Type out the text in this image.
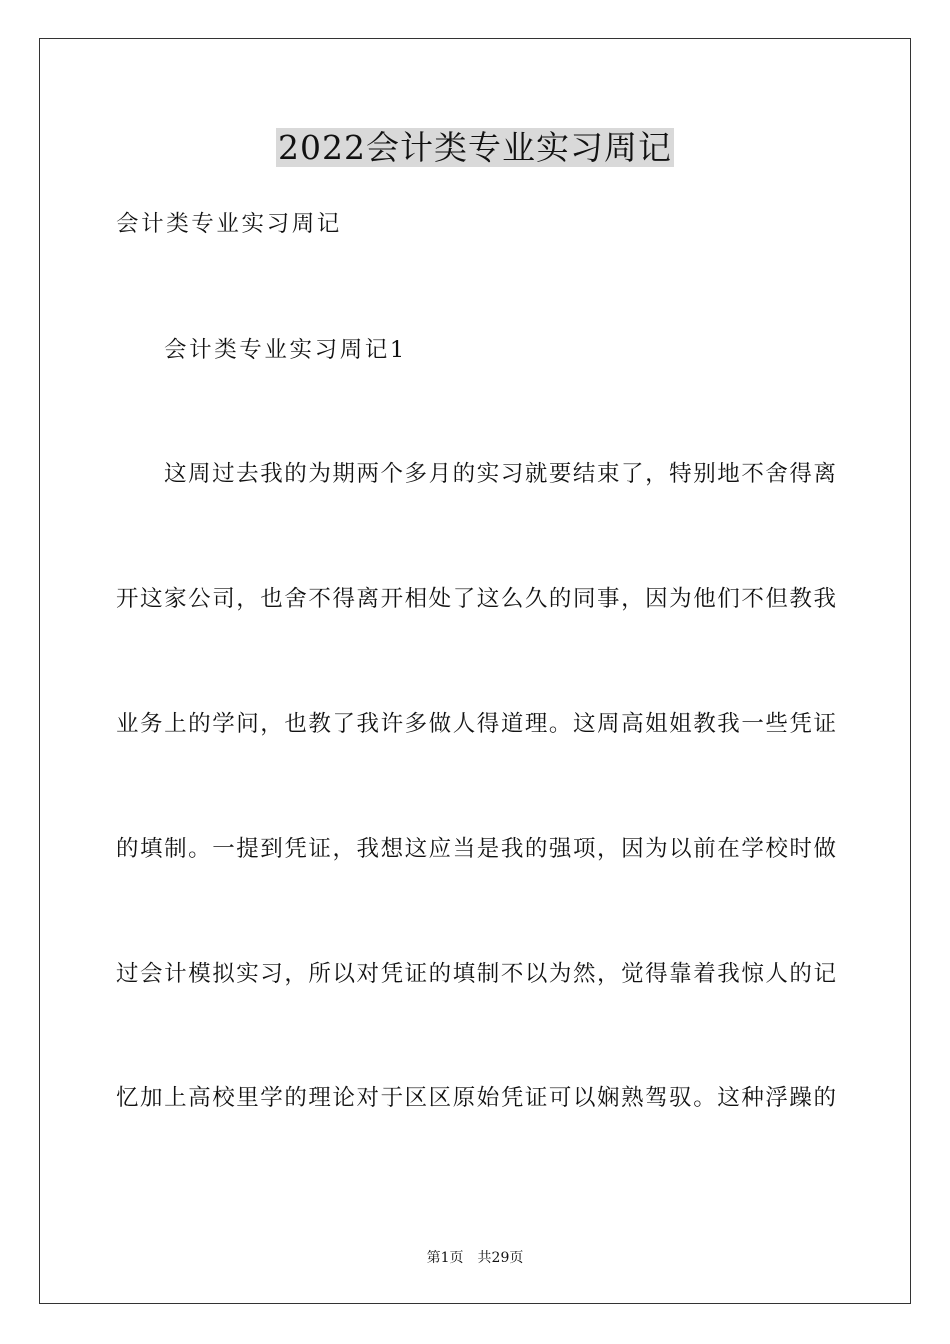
2022会计类专业实习周记
会计类专业实习周记
会计类专业实习周记1
这周过去我的为期两个多月的实习就要结束了，特别地不舍得离
开这家公司，也舍不得离开相处了这么久的同事，因为他们不但教我
业务上的学问，也教了我许多做人得道理。这周高姐姐教我一些凭证
的填制。一提到凭证，我想这应当是我的强项，因为以前在学校时做
过会计模拟实习，所以对凭证的填制不以为然，觉得靠着我惊人的记
忆加上高校里学的理论对于区区原始凭证可以娴熟驾驭。这种浮躁的
第1页 共29页
